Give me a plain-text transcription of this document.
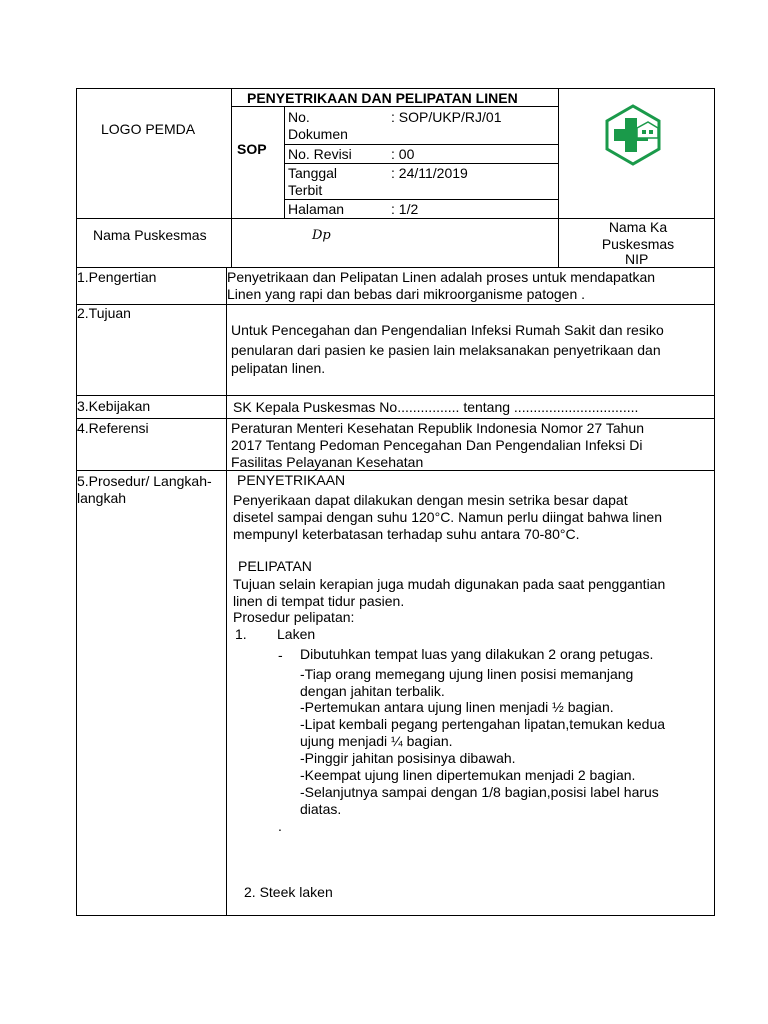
LOGO PEMDA
PENYETRIKAAN DAN PELIPATAN LINEN
SOP
No. Dokumen
: SOP/UKP/RJ/01
No. Revisi	: 00
Tanggal Terbit
: 24/11/2019
Halaman	: 1/2
Nama Puskesmas	Dp
Nama Ka Puskesmas
NIP
1.Pengertian	Penyetrikaan dan Pelipatan Linen adalah proses untuk mendapatkan
Linen yang rapi dan bebas dari mikroorganisme patogen .
2.Tujuan
Untuk Pencegahan dan Pengendalian Infeksi Rumah Sakit dan resiko
penularan dari pasien ke pasien lain melaksanakan penyetrikaan dan
pelipatan linen.
3.Kebijakan	SK Kepala Puskesmas No................ tentang ................................
4.Referensi	Peraturan Menteri Kesehatan Republik Indonesia Nomor 27 Tahun
2017 Tentang Pedoman Pencegahan Dan Pengendalian Infeksi Di
Fasilitas Pelayanan Kesehatan
5.Prosedur/ Langkah-
langkah
PENYETRIKAAN
Penyerikaan dapat dilakukan dengan mesin setrika besar dapat
disetel sampai dengan suhu 120°C. Namun perlu diingat bahwa linen
mempunyI keterbatasan terhadap suhu antara 70-80°C.
PELIPATAN
Tujuan selain kerapian juga mudah digunakan pada saat penggantian
linen di tempat tidur pasien.
Prosedur pelipatan:
1. Laken
- Dibutuhkan tempat luas yang dilakukan 2 orang petugas.
-Tiap orang memegang ujung linen posisi memanjang
dengan jahitan terbalik.
-Pertemukan antara ujung linen menjadi ½ bagian.
-Lipat kembali pegang pertengahan lipatan,temukan kedua
ujung menjadi ¼ bagian.
-Pinggir jahitan posisinya dibawah.
-Keempat ujung linen dipertemukan menjadi 2 bagian.
-Selanjutnya sampai dengan 1/8 bagian,posisi label harus
diatas.
.
2. Steek laken
